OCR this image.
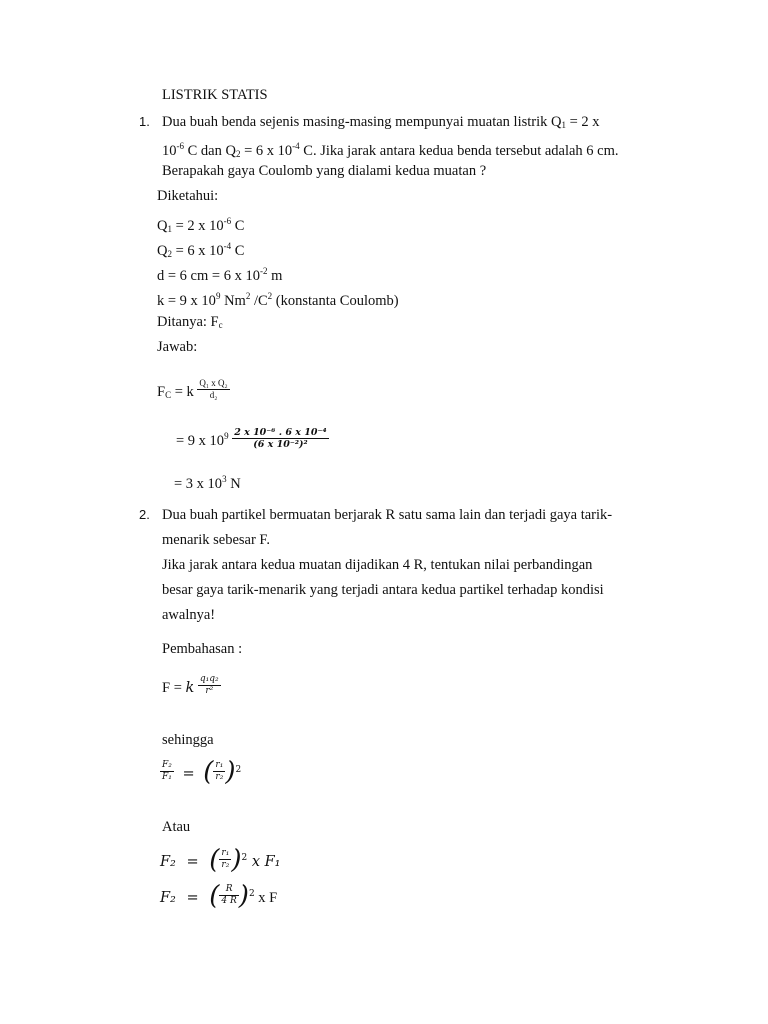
LISTRIK STATIS
1. Dua buah benda sejenis masing-masing mempunyai muatan listrik $Q_1 = 2$ x
$10^{-6}$ C dan $Q_2 = 6$ x $10^{-4}$ C. Jika jarak antara kedua benda tersebut adalah 6 cm.
Berapakah gaya Coulomb yang dialami kedua muatan ?
Diketahui:
$Q_1 = 2$ x $10^{-6}$ C
$Q_2 = 6$ x $10^{-4}$ C
d = 6 cm = 6 x $10^{-2}$ m
k = 9 x $10^9$ Nm$^2$ $/C^2$ (konstanta Coulomb)
Ditanya: $F_c$
Jawab:
$F_C = k \frac{\text{Q₁ x Q₂}}{\text{d₂}}$
= 9 x $10^9 \frac{\text{2 x 10⁻⁶ . 6 x 10⁻⁴}}{\text{(6 x 10⁻²)²}}$
= 3 x $10^3$ N
2. Dua buah partikel bermuatan berjarak R satu sama lain dan terjadi gaya tarik-
menarik sebesar F.
Jika jarak antara kedua muatan dijadikan 4 R, tentukan nilai perbandingan
besar gaya tarik-menarik yang terjadi antara kedua partikel terhadap kondisi
awalnya!
Pembahasan :
F = k $\frac{\text{q₁q₂}}{\text{r²}}$
sehingga
$\frac{\text{F₂}}{\text{F₁}}$ = ( $\frac{\text{r₁}}{\text{r₂}} )^2$
Atau
F₂ = ( $\frac{\text{r₁}}{\text{r₂}} )^2$ x F₁
F₂ = ( $\frac{R}{4 R} )^2$ x F
